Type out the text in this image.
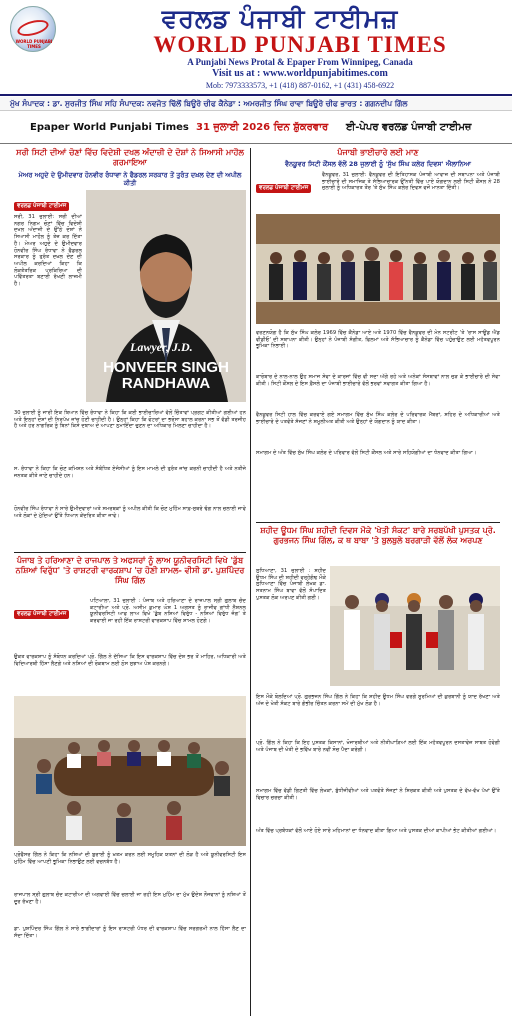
WORLD PUNJABI TIMES
ਵਰਲਡ ਪੰਜਾਬੀ ਟਾਈਮਜ਼
WORLD PUNJABI TIMES
A Punjabi News Protal & Epaper From Winnipeg, Canada
Visit us at : www.worldpunjabitimes.com
Mob: 7973333573, +1 (418) 887-0162, +1 (431) 458-6922
ਮੁੱਖ ਸੰਪਾਦਕ : ਡਾ. ਸੁਰਜੀਤ ਸਿੰਘ ਸਹਿ ਸੰਪਾਦਕ: ਨਵਜੋਤ ਢਿੱਲੋਂ ਬਿਊਰੋ ਚੀਫ ਕੈਨੇਡਾ : ਅਮਰਜੀਤ ਸਿੰਘ ਰਾਵਾ ਬਿਊਰੋ ਚੀਫ ਭਾਰਤ : ਗਗਨਦੀਪ ਗਿੱਲ
Epaper World Punjabi Times 31 ਜੁਲਾਈ 2026 ਦਿਨ ਸ਼ੁੱਕਰਵਾਰ ਈ-ਪੇਪਰ ਵਰਲਡ ਪੰਜਾਬੀ ਟਾਈਮਜ਼
ਸਰੀ ਸਿਟੀ ਦੀਆਂ ਚੋਣਾਂ ਵਿੱਚ ਵਿਦੇਸ਼ੀ ਦਖਲ ਅੰਦਾਜ਼ੀ ਦੇ ਦੋਸ਼ਾਂ ਨੇ ਸਿਆਸੀ ਮਾਹੌਲ ਗਰਮਾਇਆ
ਮੇਅਰ ਅਹੁਦੇ ਦੇ ਉਮੀਦਵਾਰ ਹੋਨਵੀਰ ਰੰਧਾਵਾ ਨੇ ਫੈਡਰਲ ਸਰਕਾਰ ਤੋਂ ਤੁਰੰਤ ਦਖ਼ਲ ਦੇਣ ਦੀ ਅਪੀਲ ਕੀਤੀ
ਵਰਲਡ ਪੰਜਾਬੀ ਟਾਈਮਜ
ਸਰੀ, 31 ਜੁਲਾਈ: ਸਰੀ ਦੀਆਂ ਨਗਰ ਨਿਗਮ ਚੋਣਾਂ ਵਿੱਚ ਵਿਦੇਸ਼ੀ ਦਖਲ ਅੰਦਾਜ਼ੀ ਦੇ ਉੱਠੇ ਦੋਸ਼ਾਂ ਨੇ ਸਿਆਸੀ ਮਾਹੌਲ ਨੂੰ ਤੇਜ਼ ਕਰ ਦਿੱਤਾ ਹੈ। ਮੇਅਰ ਅਹੁਦੇ ਦੇ ਉਮੀਦਵਾਰ ਹੋਨਵੀਰ ਸਿੰਘ ਰੰਧਾਵਾ ਨੇ ਫੈਡਰਲ ਸਰਕਾਰ ਨੂੰ ਤੁਰੰਤ ਦਖ਼ਲ ਦੇਣ ਦੀ ਅਪੀਲ ਕਰਦਿਆਂ ਕਿਹਾ ਕਿ ਲੋਕਤੰਤਰਿਕ ਪ੍ਰਕਿਰਿਆ ਦੀ ਪਵਿੱਤਰਤਾ ਬਣਾਈ ਰੱਖਣੀ ਲਾਜ਼ਮੀ ਹੈ।
Lawyer, J.D.
HONVEER SINGH RANDHAWA
30 ਜੁਲਾਈ ਨੂੰ ਜਾਰੀ ਇਕ ਬਿਆਨ ਵਿੱਚ ਰੰਧਾਵਾ ਨੇ ਕਿਹਾ ਕਿ ਕਈ ਭਾਈਚਾਰਿਆਂ ਵੱਲੋਂ ਚਿੰਤਾਵਾਂ ਪ੍ਰਗਟ ਕੀਤੀਆਂ ਗਈਆਂ ਹਨ ਅਤੇ ਇਨ੍ਹਾਂ ਦੋਸ਼ਾਂ ਦੀ ਨਿਰਪੱਖ ਜਾਂਚ ਹੋਣੀ ਚਾਹੀਦੀ ਹੈ। ਉਨ੍ਹਾਂ ਕਿਹਾ ਕਿ ਵੋਟਰਾਂ ਦਾ ਭਰੋਸਾ ਬਹਾਲ ਕਰਨਾ ਸਭ ਤੋਂ ਵੱਡੀ ਤਰਜੀਹ ਹੈ ਅਤੇ ਹਰ ਨਾਗਰਿਕ ਨੂੰ ਬਿਨਾਂ ਕਿਸੇ ਦਬਾਅ ਦੇ ਆਪਣਾ ਨੁਮਾਇੰਦਾ ਚੁਣਨ ਦਾ ਅਧਿਕਾਰ ਮਿਲਣਾ ਚਾਹੀਦਾ ਹੈ।
ਸ. ਰੰਧਾਵਾ ਨੇ ਕਿਹਾ ਕਿ ਚੋਣ ਕਮਿਸ਼ਨ ਅਤੇ ਸੰਬੰਧਿਤ ਏਜੰਸੀਆਂ ਨੂੰ ਇਸ ਮਾਮਲੇ ਦੀ ਤੁਰੰਤ ਜਾਂਚ ਕਰਨੀ ਚਾਹੀਦੀ ਹੈ ਅਤੇ ਨਤੀਜੇ ਜਨਤਕ ਕੀਤੇ ਜਾਣੇ ਚਾਹੀਦੇ ਹਨ।
ਹੋਨਵੀਰ ਸਿੰਘ ਰੰਧਾਵਾ ਨੇ ਸਾਰੇ ਉਮੀਦਵਾਰਾਂ ਅਤੇ ਸਮਰਥਕਾਂ ਨੂੰ ਅਪੀਲ ਕੀਤੀ ਕਿ ਚੋਣ ਮੁਹਿੰਮ ਸਾਫ਼-ਸੁਥਰੇ ਢੰਗ ਨਾਲ ਚਲਾਈ ਜਾਵੇ ਅਤੇ ਲੋਕਾਂ ਦੇ ਮੁੱਦਿਆਂ ਉੱਤੇ ਧਿਆਨ ਕੇਂਦਰਿਤ ਕੀਤਾ ਜਾਵੇ।
ਪੰਜਾਬ ਤੇ ਹਰਿਆਣਾ ਦੇ ਰਾਜਪਾਲ ਤੇ ਅਫਸਰਾਂ ਨੂੰ ਲਾਅ ਯੂਨੀਵਰਸਿਟੀ ਵਿਖੇ 'ਡੁੱਬ ਨਸ਼ਿਆਂ ਵਿਰੁੱਧ' 'ਤੇ ਰਾਸ਼ਟਰੀ ਵਾਰਕਸ਼ਾਪ 'ਚ ਹੋਣੀ ਸ਼ਾਮਲ- ਵੀਸੀ ਡਾ. ਪੁਸ਼ਪਿੰਦਰ ਸਿੰਘ ਗਿੱਲ
ਵਰਲਡ ਪੰਜਾਬੀ ਟਾਈਮਜ
ਪਟਿਆਲਾ, 31 ਜੁਲਾਈ : ਪੰਜਾਬ ਅਤੇ ਹਰਿਆਣਾ ਦੇ ਰਾਜਪਾਲ ਸ੍ਰੀ ਗੁਲਾਬ ਚੰਦ ਕਟਾਰੀਆ ਅਤੇ ਪ੍ਰੋ. ਅਸੀਮ ਕੁਮਾਰ ਘੋਸ਼ 1 ਅਗਸਤ ਨੂੰ ਰਾਜੀਵ ਗਾਂਧੀ ਨੈਸ਼ਨਲ ਯੂਨੀਵਰਸਿਟੀ ਆਫ ਲਾਅ ਵਿਖੇ 'ਡੁੱਬ ਨਸ਼ਿਆਂ ਵਿਰੁੱਧ - ਨਸ਼ਿਆਂ ਵਿਰੁੱਧ ਜੰਗ' ਤੇ ਕਰਵਾਈ ਜਾ ਰਹੀ ਇੱਕ ਰਾਸ਼ਟਰੀ ਵਾਰਕਸ਼ਾਪ ਵਿੱਚ ਸ਼ਾਮਲ ਹੋਣਗੇ।
ਉਕਤ ਵਾਰਕਸ਼ਾਪ ਨੂੰ ਸੰਬੋਧਨ ਕਰਦਿਆਂ ਪ੍ਰੋ. ਗਿੱਲ ਨੇ ਦੱਸਿਆ ਕਿ ਇਸ ਵਾਰਕਸ਼ਾਪ ਵਿੱਚ ਦੇਸ਼ ਭਰ ਤੋਂ ਮਾਹਿਰ, ਅਧਿਕਾਰੀ ਅਤੇ ਵਿਦਿਆਰਥੀ ਹਿੱਸਾ ਲੈਣਗੇ ਅਤੇ ਨਸ਼ਿਆਂ ਦੀ ਰੋਕਥਾਮ ਲਈ ਠੋਸ ਸੁਝਾਅ ਪੇਸ਼ ਕਰਨਗੇ।
ਪ੍ਰੋਫੈਸਰ ਗਿੱਲ ਨੇ ਕਿਹਾ ਕਿ ਨਸ਼ਿਆਂ ਦੀ ਬੁਰਾਈ ਨੂੰ ਖ਼ਤਮ ਕਰਨ ਲਈ ਸਮੂਹਿਕ ਯਤਨਾਂ ਦੀ ਲੋੜ ਹੈ ਅਤੇ ਯੂਨੀਵਰਸਿਟੀ ਇਸ ਮੁਹਿੰਮ ਵਿੱਚ ਆਪਣੀ ਭੂਮਿਕਾ ਨਿਭਾਉਣ ਲਈ ਵਚਨਬੱਧ ਹੈ।
ਰਾਜਪਾਲ ਸ੍ਰੀ ਗੁਲਾਬ ਚੰਦ ਕਟਾਰੀਆ ਦੀ ਅਗਵਾਈ ਵਿੱਚ ਚਲਾਈ ਜਾ ਰਹੀ ਇਸ ਮੁਹਿੰਮ ਦਾ ਮੁੱਖ ਉਦੇਸ਼ ਨੌਜਵਾਨਾਂ ਨੂੰ ਨਸ਼ਿਆਂ ਤੋਂ ਦੂਰ ਰੱਖਣਾ ਹੈ।
ਡਾ. ਪੁਸ਼ਪਿੰਦਰ ਸਿੰਘ ਗਿੱਲ ਨੇ ਸਾਰੇ ਭਾਗੀਦਾਰਾਂ ਨੂੰ ਇਸ ਰਾਸ਼ਟਰੀ ਪੱਧਰ ਦੀ ਵਾਰਕਸ਼ਾਪ ਵਿੱਚ ਸਰਗਰਮੀ ਨਾਲ ਹਿੱਸਾ ਲੈਣ ਦਾ ਸੱਦਾ ਦਿੱਤਾ।
ਪੰਜਾਬੀ ਭਾਈਚਾਰੇ ਲਈ ਮਾਣ
ਵੈਨਕੂਵਰ ਸਿਟੀ ਕੌਂਸਲ ਵੱਲੋਂ 28 ਜੁਲਾਈ ਨੂੰ 'ਸੁੱਖ ਸਿੰਘ ਕਲੇਰ ਦਿਵਸ' ਐਲਾਨਿਆ
ਵਰਲਡ ਪੰਜਾਬੀ ਟਾਈਮਜ
ਵੈਨਕੂਵਰ, 31 ਜੁਲਾਈ: ਵੈਨਕੂਵਰ ਦੀ ਇਤਿਹਾਸਕ ਪੰਜਾਬੀ ਆਵਾਜ਼ ਦੀ ਸਥਾਪਨਾ ਅਤੇ ਪੰਜਾਬੀ ਭਾਈਚਾਰੇ ਦੀ ਸਮਾਜਿਕ ਤੇ ਸੱਭਿਆਚਾਰਕ ਉੱਨਤੀ ਵਿੱਚ ਪਾਏ ਯੋਗਦਾਨ ਲਈ ਸਿਟੀ ਕੌਂਸਲ ਨੇ 28 ਜੁਲਾਈ ਨੂੰ ਅਧਿਕਾਰਤ ਤੌਰ 'ਤੇ ਸੁੱਖ ਸਿੰਘ ਕਲੇਰ ਦਿਵਸ ਵਜੋਂ ਮਾਨਤਾ ਦਿੱਤੀ।
ਵਰਣਨਯੋਗ ਹੈ ਕਿ ਸੁੱਖ ਸਿੰਘ ਕਲੇਰ 1969 ਵਿੱਚ ਕੈਨੇਡਾ ਆਏ ਅਤੇ 1970 ਵਿੱਚ ਵੈਨਕੂਵਰ ਦੀ ਮੇਨ ਸਟਰੀਟ 'ਤੇ 'ਰਾਸ ਸਾਊਂਡ ਐਂਡ ਵੀਡੀਓ' ਦੀ ਸਥਾਪਨਾ ਕੀਤੀ। ਉਨ੍ਹਾਂ ਨੇ ਪੰਜਾਬੀ ਸੰਗੀਤ, ਫਿਲਮਾਂ ਅਤੇ ਸੱਭਿਆਚਾਰ ਨੂੰ ਕੈਨੇਡਾ ਵਿੱਚ ਪਹੁੰਚਾਉਣ ਲਈ ਮਹੱਤਵਪੂਰਨ ਭੂਮਿਕਾ ਨਿਭਾਈ।
ਕਾਰੋਬਾਰ ਦੇ ਨਾਲ-ਨਾਲ ਉਹ ਸਮਾਜ ਸੇਵਾ ਦੇ ਕਾਰਜਾਂ ਵਿੱਚ ਵੀ ਸਦਾ ਅੱਗੇ ਰਹੇ ਅਤੇ ਅਨੇਕਾਂ ਸੰਸਥਾਵਾਂ ਨਾਲ ਜੁੜ ਕੇ ਭਾਈਚਾਰੇ ਦੀ ਸੇਵਾ ਕੀਤੀ। ਸਿਟੀ ਕੌਂਸਲ ਦੇ ਇਸ ਫ਼ੈਸਲੇ ਦਾ ਪੰਜਾਬੀ ਭਾਈਚਾਰੇ ਵੱਲੋਂ ਭਰਵਾਂ ਸਵਾਗਤ ਕੀਤਾ ਗਿਆ ਹੈ।
ਵੈਨਕੂਵਰ ਸਿਟੀ ਹਾਲ ਵਿੱਚ ਕਰਵਾਏ ਗਏ ਸਮਾਗਮ ਵਿੱਚ ਸੁੱਖ ਸਿੰਘ ਕਲੇਰ ਦੇ ਪਰਿਵਾਰਕ ਮੈਂਬਰਾਂ, ਸ਼ਹਿਰ ਦੇ ਅਧਿਕਾਰੀਆਂ ਅਤੇ ਭਾਈਚਾਰੇ ਦੇ ਪਤਵੰਤੇ ਸੱਜਣਾਂ ਨੇ ਸ਼ਮੂਲੀਅਤ ਕੀਤੀ ਅਤੇ ਉਨ੍ਹਾਂ ਦੇ ਯੋਗਦਾਨ ਨੂੰ ਯਾਦ ਕੀਤਾ।
ਸਮਾਗਮ ਦੇ ਅੰਤ ਵਿੱਚ ਸੁੱਖ ਸਿੰਘ ਕਲੇਰ ਦੇ ਪਰਿਵਾਰ ਵੱਲੋਂ ਸਿਟੀ ਕੌਂਸਲ ਅਤੇ ਸਾਰੇ ਸਹਿਯੋਗੀਆਂ ਦਾ ਧੰਨਵਾਦ ਕੀਤਾ ਗਿਆ।
ਸ਼ਹੀਦ ਊਧਮ ਸਿੰਘ ਸ਼ਹੀਦੀ ਦਿਵਸ ਮੌਕੇ 'ਖੇਤੀ ਸੰਕਟ' ਬਾਰੇ ਸਰਬਪੱਖੀ ਪੁਸਤਕ ਪ੍ਰੋ. ਗੁਰਭਜਨ ਸਿੰਘ ਗਿੱਲ, ਕ ਥ ਬਾਬਾ 'ਤੇ ਬੁਲਬੁਲੇ ਬਰਗਾੜੀ ਵੱਲੋਂ ਲੋਕ ਅਰਪਣ
ਲੁਧਿਆਣਾ, 31 ਜੁਲਾਈ : ਸ਼ਹੀਦ ਊਧਮ ਸਿੰਘ ਦੀ ਸ਼ਹੀਦੀ ਵਰ੍ਹੇਗੰਢ ਮੌਕੇ ਲੁਧਿਆਣਾ ਵਿੱਚ ਪੰਜਾਬੀ ਲੇਖਕ ਡਾ. ਸਤਨਾਮ ਸਿੰਘ ਬਾਵਾ ਵੱਲੋਂ ਸੰਪਾਦਿਤ ਪੁਸਤਕ ਲੋਕ ਅਰਪਣ ਕੀਤੀ ਗਈ।
ਇਸ ਮੌਕੇ ਬੋਲਦਿਆਂ ਪ੍ਰੋ. ਗੁਰਭਜਨ ਸਿੰਘ ਗਿੱਲ ਨੇ ਕਿਹਾ ਕਿ ਸ਼ਹੀਦ ਊਧਮ ਸਿੰਘ ਵਰਗੇ ਸੂਰਮਿਆਂ ਦੀ ਕੁਰਬਾਨੀ ਨੂੰ ਯਾਦ ਰੱਖਣਾ ਅਤੇ ਅੱਜ ਦੇ ਖੇਤੀ ਸੰਕਟ ਬਾਰੇ ਗੰਭੀਰ ਚਿੰਤਨ ਕਰਨਾ ਸਮੇਂ ਦੀ ਮੁੱਖ ਲੋੜ ਹੈ।
ਪ੍ਰੋ. ਗਿੱਲ ਨੇ ਕਿਹਾ ਕਿ ਇਹ ਪੁਸਤਕ ਕਿਸਾਨਾਂ, ਖੋਜਾਰਥੀਆਂ ਅਤੇ ਨੀਤੀਘਾੜਿਆਂ ਲਈ ਇੱਕ ਮਹੱਤਵਪੂਰਨ ਦਸਤਾਵੇਜ਼ ਸਾਬਤ ਹੋਵੇਗੀ ਅਤੇ ਪੰਜਾਬ ਦੀ ਖੇਤੀ ਦੇ ਭਵਿੱਖ ਬਾਰੇ ਨਵੀਂ ਸੋਚ ਪੈਦਾ ਕਰੇਗੀ।
ਸਮਾਗਮ ਵਿੱਚ ਵੱਡੀ ਗਿਣਤੀ ਵਿੱਚ ਲੇਖਕਾਂ, ਬੁੱਧੀਜੀਵੀਆਂ ਅਤੇ ਪਤਵੰਤੇ ਸੱਜਣਾਂ ਨੇ ਸ਼ਿਰਕਤ ਕੀਤੀ ਅਤੇ ਪੁਸਤਕ ਦੇ ਵੱਖ-ਵੱਖ ਪੱਖਾਂ ਉੱਤੇ ਵਿਚਾਰ ਚਰਚਾ ਕੀਤੀ।
ਅੰਤ ਵਿੱਚ ਪ੍ਰਬੰਧਕਾਂ ਵੱਲੋਂ ਆਏ ਹੋਏ ਸਾਰੇ ਮਹਿਮਾਨਾਂ ਦਾ ਧੰਨਵਾਦ ਕੀਤਾ ਗਿਆ ਅਤੇ ਪੁਸਤਕ ਦੀਆਂ ਕਾਪੀਆਂ ਭੇਟ ਕੀਤੀਆਂ ਗਈਆਂ।
